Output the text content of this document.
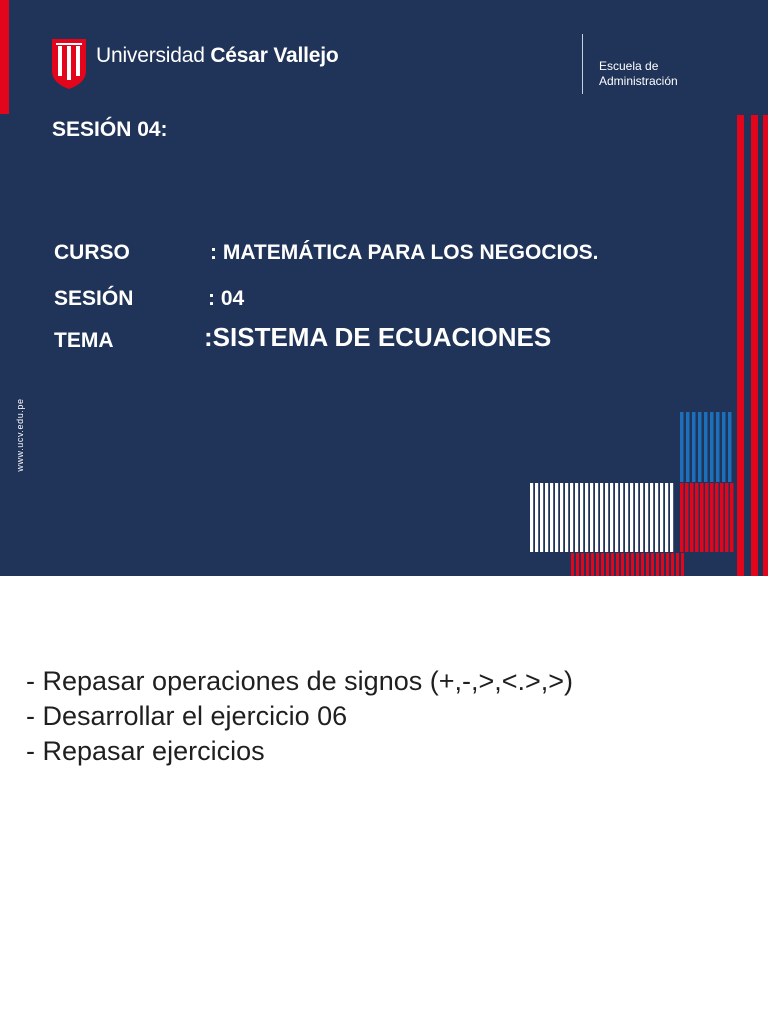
Universidad César Vallejo	Escuela de
Administración
SESIÓN 04:
CURSO	: MATEMÁTICA PARA LOS NEGOCIOS.
SESIÓN	: 04
TEMA	:SISTEMA DE ECUACIONES
www.ucv.edu.pe
- Repasar operaciones de signos (+,-,>,<.>,>)
- Desarrollar el ejercicio 06
- Repasar ejercicios
